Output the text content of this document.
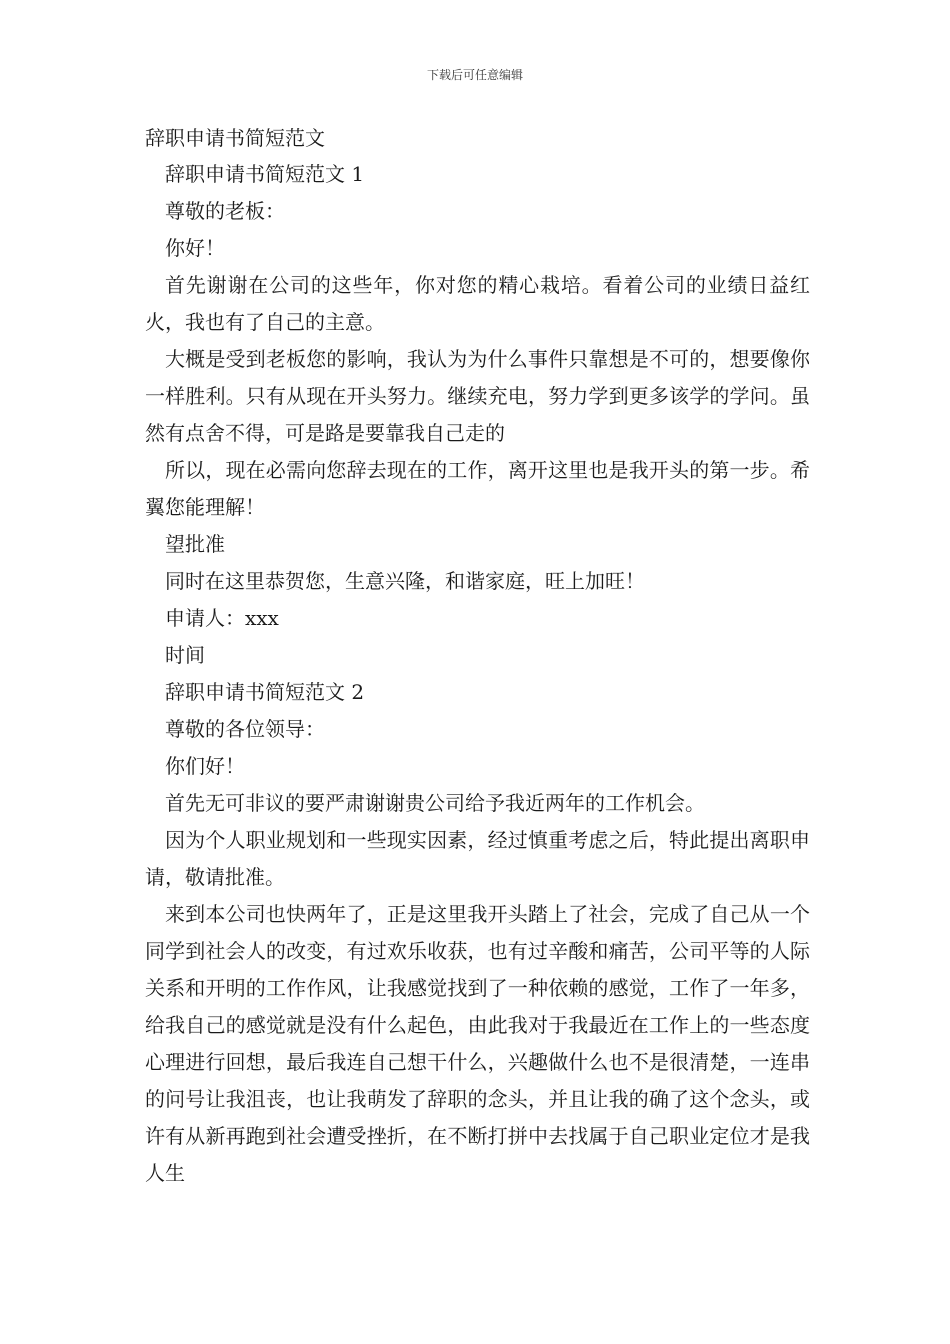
下载后可任意编辑
辞职申请书简短范文

辞职申请书简短范文 1

尊敬的老板：

你好！

首先谢谢在公司的这些年，你对您的精心栽培。看着公司的业绩日益红火，我也有了自己的主意。

大概是受到老板您的影响，我认为为什么事件只靠想是不可的，想要像你一样胜利。只有从现在开头努力。继续充电，努力学到更多该学的学问。虽然有点舍不得，可是路是要靠我自己走的

所以，现在必需向您辞去现在的工作，离开这里也是我开头的第一步。希翼您能理解！

望批准

同时在这里恭贺您，生意兴隆，和谐家庭，旺上加旺！

申请人：xxx

时间

辞职申请书简短范文 2

尊敬的各位领导：

你们好！

首先无可非议的要严肃谢谢贵公司给予我近两年的工作机会。

因为个人职业规划和一些现实因素，经过慎重考虑之后，特此提出离职申请，敬请批准。

来到本公司也快两年了，正是这里我开头踏上了社会，完成了自己从一个同学到社会人的改变，有过欢乐收获，也有过辛酸和痛苦，公司平等的人际关系和开明的工作作风，让我感觉找到了一种依赖的感觉，工作了一年多，给我自己的感觉就是没有什么起色，由此我对于我最近在工作上的一些态度心理进行回想，最后我连自己想干什么，兴趣做什么也不是很清楚，一连串的问号让我沮丧，也让我萌发了辞职的念头，并且让我的确了这个念头，或许有从新再跑到社会遭受挫折，在不断打拼中去找属于自己职业定位才是我人生
